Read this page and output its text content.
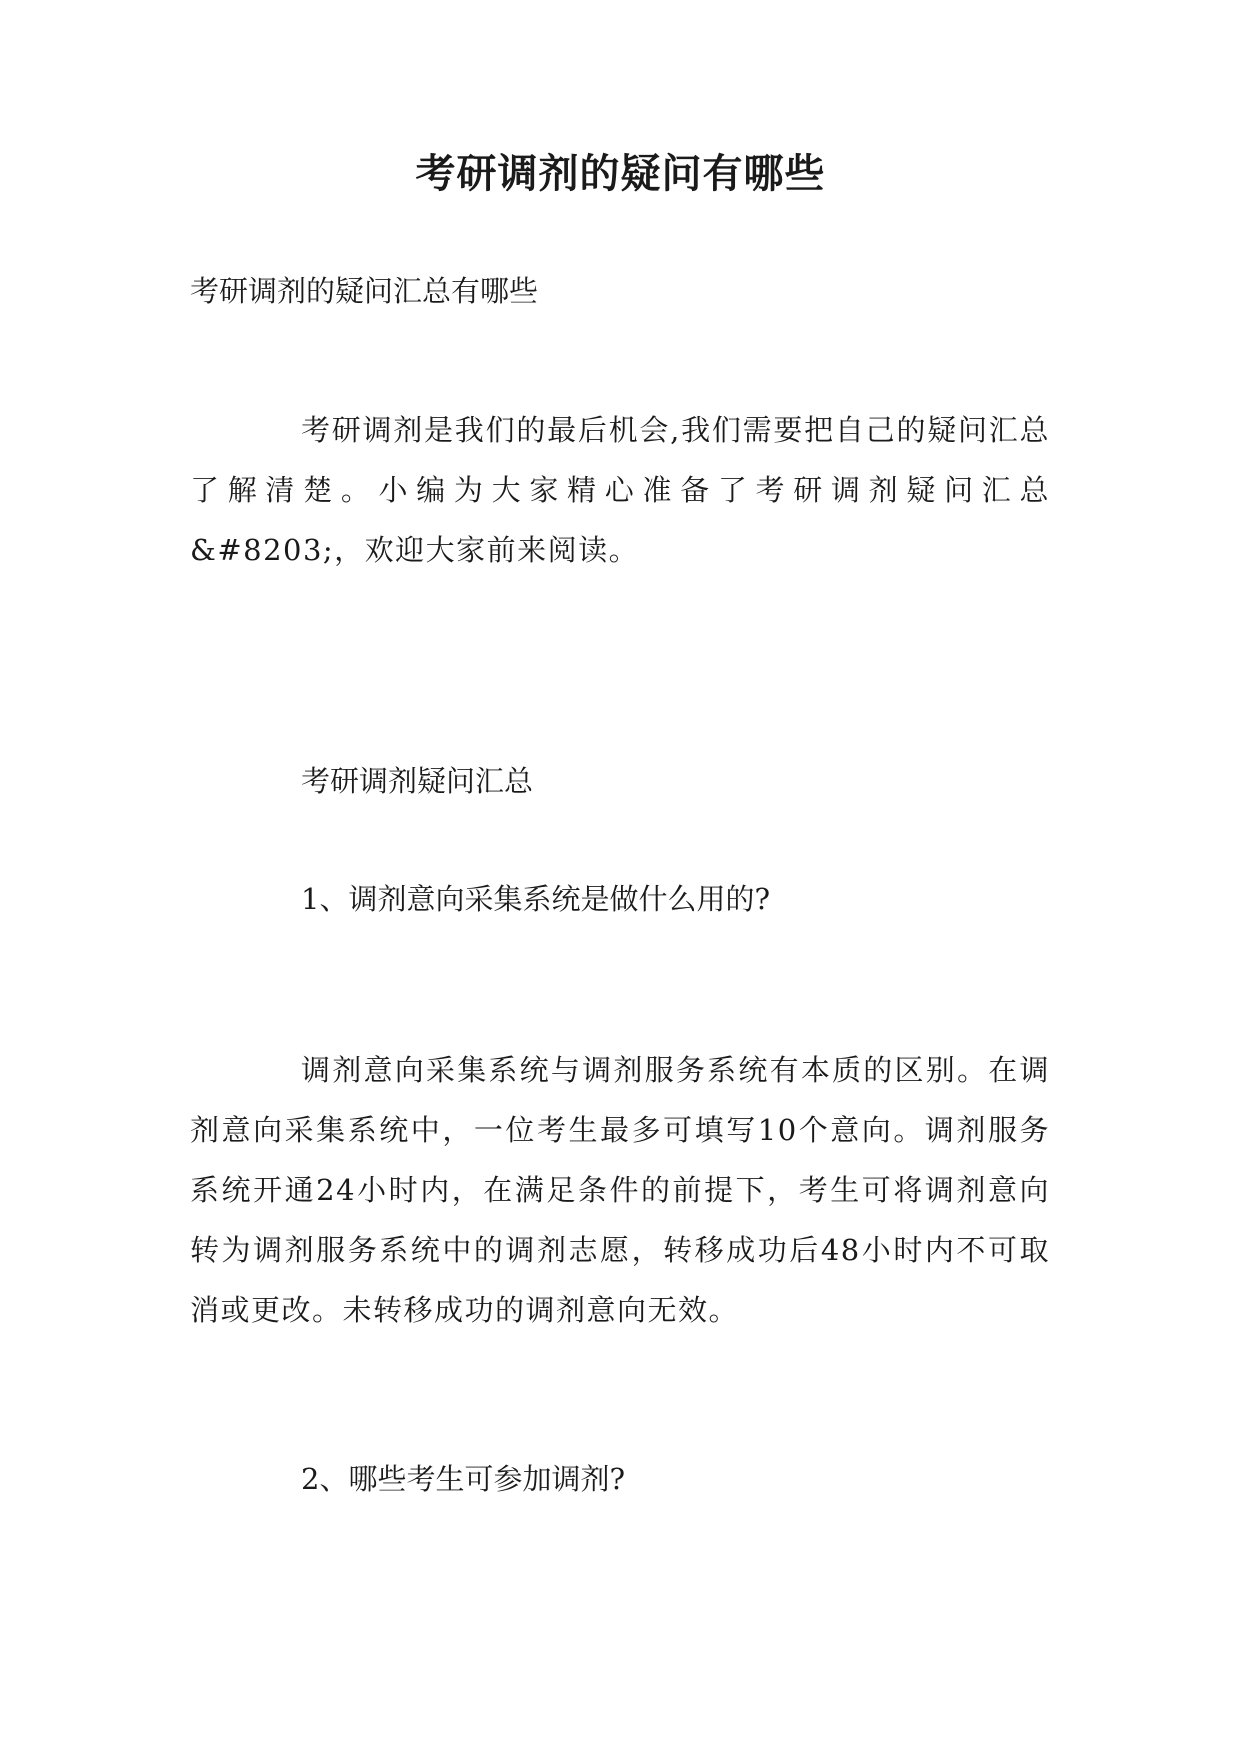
考研调剂的疑问有哪些
考研调剂的疑问汇总有哪些
考研调剂是我们的最后机会,我们需要把自己的疑问汇总了解清楚。小编为大家精心准备了考研调剂疑问汇总&#8203;，欢迎大家前来阅读。
考研调剂疑问汇总
1、调剂意向采集系统是做什么用的?
调剂意向采集系统与调剂服务系统有本质的区别。在调剂意向采集系统中，一位考生最多可填写10个意向。调剂服务系统开通24小时内，在满足条件的前提下，考生可将调剂意向转为调剂服务系统中的调剂志愿，转移成功后48小时内不可取消或更改。未转移成功的调剂意向无效。
2、哪些考生可参加调剂?
